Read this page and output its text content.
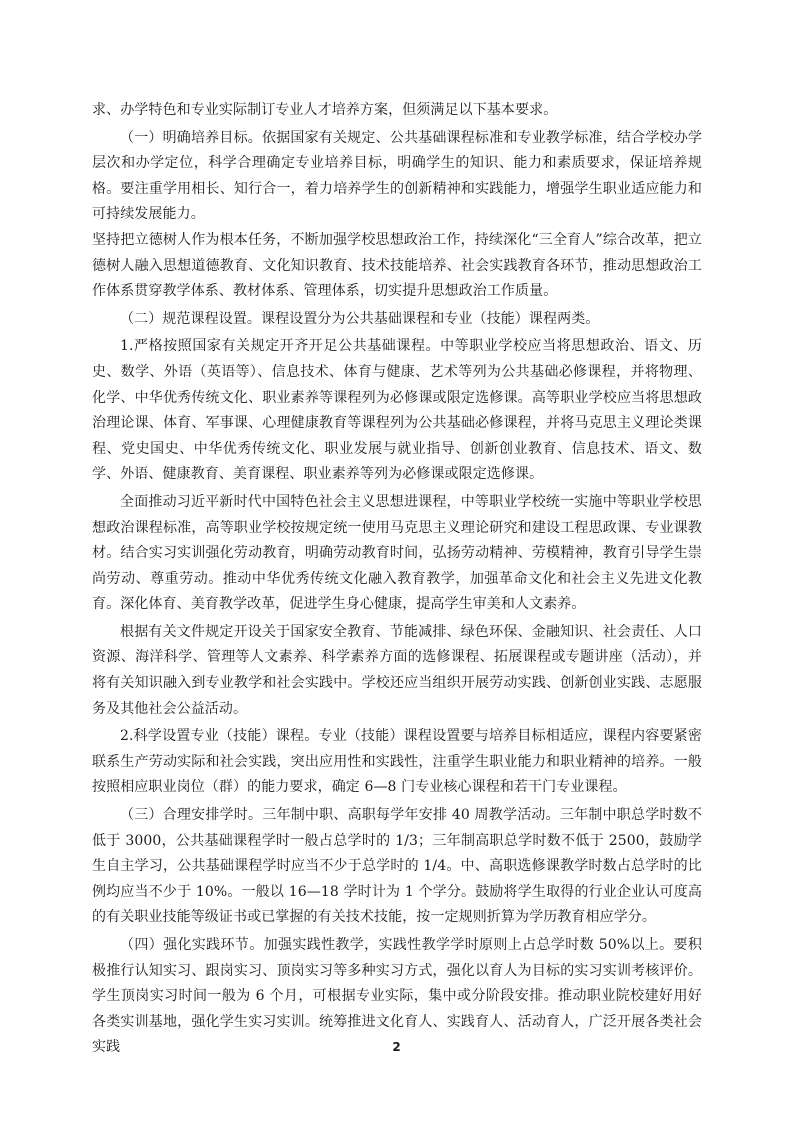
求、办学特色和专业实际制订专业人才培养方案，但须满足以下基本要求。

（一）明确培养目标。依据国家有关规定、公共基础课程标准和专业教学标准，结合学校办学层次和办学定位，科学合理确定专业培养目标，明确学生的知识、能力和素质要求，保证培养规格。要注重学用相长、知行合一，着力培养学生的创新精神和实践能力，增强学生职业适应能力和可持续发展能力。

坚持把立德树人作为根本任务，不断加强学校思想政治工作，持续深化“三全育人”综合改革，把立德树人融入思想道德教育、文化知识教育、技术技能培养、社会实践教育各环节，推动思想政治工作体系贯穿教学体系、教材体系、管理体系，切实提升思想政治工作质量。

（二）规范课程设置。课程设置分为公共基础课程和专业（技能）课程两类。

1.严格按照国家有关规定开齐开足公共基础课程。中等职业学校应当将思想政治、语文、历史、数学、外语（英语等）、信息技术、体育与健康、艺术等列为公共基础必修课程，并将物理、化学、中华优秀传统文化、职业素养等课程列为必修课或限定选修课。高等职业学校应当将思想政治理论课、体育、军事课、心理健康教育等课程列为公共基础必修课程，并将马克思主义理论类课程、党史国史、中华优秀传统文化、职业发展与就业指导、创新创业教育、信息技术、语文、数学、外语、健康教育、美育课程、职业素养等列为必修课或限定选修课。

全面推动习近平新时代中国特色社会主义思想进课程，中等职业学校统一实施中等职业学校思想政治课程标准，高等职业学校按规定统一使用马克思主义理论研究和建设工程思政课、专业课教材。结合实习实训强化劳动教育，明确劳动教育时间，弘扬劳动精神、劳模精神，教育引导学生崇尚劳动、尊重劳动。推动中华优秀传统文化融入教育教学，加强革命文化和社会主义先进文化教育。深化体育、美育教学改革，促进学生身心健康，提高学生审美和人文素养。

根据有关文件规定开设关于国家安全教育、节能减排、绿色环保、金融知识、社会责任、人口资源、海洋科学、管理等人文素养、科学素养方面的选修课程、拓展课程或专题讲座（活动），并将有关知识融入到专业教学和社会实践中。学校还应当组织开展劳动实践、创新创业实践、志愿服务及其他社会公益活动。

2.科学设置专业（技能）课程。专业（技能）课程设置要与培养目标相适应，课程内容要紧密联系生产劳动实际和社会实践，突出应用性和实践性，注重学生职业能力和职业精神的培养。一般按照相应职业岗位（群）的能力要求，确定 6—8 门专业核心课程和若干门专业课程。

（三）合理安排学时。三年制中职、高职每学年安排 40 周教学活动。三年制中职总学时数不低于 3000，公共基础课程学时一般占总学时的 1/3；三年制高职总学时数不低于 2500，鼓励学生自主学习，公共基础课程学时应当不少于总学时的 1/4。中、高职选修课教学时数占总学时的比例均应当不少于 10%。一般以 16—18 学时计为 1 个学分。鼓励将学生取得的行业企业认可度高的有关职业技能等级证书或已掌握的有关技术技能，按一定规则折算为学历教育相应学分。

（四）强化实践环节。加强实践性教学，实践性教学学时原则上占总学时数 50%以上。要积极推行认知实习、跟岗实习、顶岗实习等多种实习方式，强化以育人为目标的实习实训考核评价。学生顶岗实习时间一般为 6 个月，可根据专业实际，集中或分阶段安排。推动职业院校建好用好各类实训基地，强化学生实习实训。统筹推进文化育人、实践育人、活动育人，广泛开展各类社会实践	2
